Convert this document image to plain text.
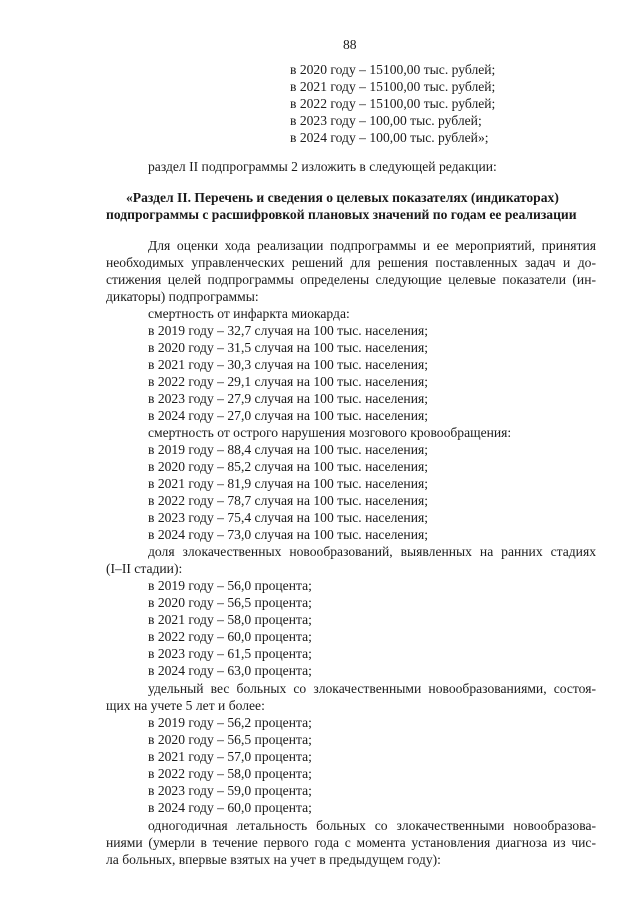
88
в 2020 году – 15100,00 тыс. рублей;
в 2021 году – 15100,00 тыс. рублей;
в 2022 году – 15100,00 тыс. рублей;
в 2023 году – 100,00 тыс. рублей;
в 2024 году – 100,00 тыс. рублей»;
раздел II подпрограммы 2 изложить в следующей редакции:
«Раздел II. Перечень и сведения о целевых показателях (индикаторах)
подпрограммы с расшифровкой плановых значений по годам ее реализации
Для оценки хода реализации подпрограммы и ее мероприятий, принятия
необходимых управленческих решений для решения поставленных задач и до-
стижения целей подпрограммы определены следующие целевые показатели (ин-
дикаторы) подпрограммы:
смертность от инфаркта миокарда:
в 2019 году – 32,7 случая на 100 тыс. населения;
в 2020 году – 31,5 случая на 100 тыс. населения;
в 2021 году – 30,3 случая на 100 тыс. населения;
в 2022 году – 29,1 случая на 100 тыс. населения;
в 2023 году – 27,9 случая на 100 тыс. населения;
в 2024 году – 27,0 случая на 100 тыс. населения;
смертность от острого нарушения мозгового кровообращения:
в 2019 году – 88,4 случая на 100 тыс. населения;
в 2020 году – 85,2 случая на 100 тыс. населения;
в 2021 году – 81,9 случая на 100 тыс. населения;
в 2022 году – 78,7 случая на 100 тыс. населения;
в 2023 году – 75,4 случая на 100 тыс. населения;
в 2024 году – 73,0 случая на 100 тыс. населения;
доля злокачественных новообразований, выявленных на ранних стадиях
(I–II стадии):
в 2019 году – 56,0 процента;
в 2020 году – 56,5 процента;
в 2021 году – 58,0 процента;
в 2022 году – 60,0 процента;
в 2023 году – 61,5 процента;
в 2024 году – 63,0 процента;
удельный вес больных со злокачественными новообразованиями, состоя-
щих на учете 5 лет и более:
в 2019 году – 56,2 процента;
в 2020 году – 56,5 процента;
в 2021 году – 57,0 процента;
в 2022 году – 58,0 процента;
в 2023 году – 59,0 процента;
в 2024 году – 60,0 процента;
одногодичная летальность больных со злокачественными новообразова-
ниями (умерли в течение первого года с момента установления диагноза из чис-
ла больных, впервые взятых на учет в предыдущем году):
